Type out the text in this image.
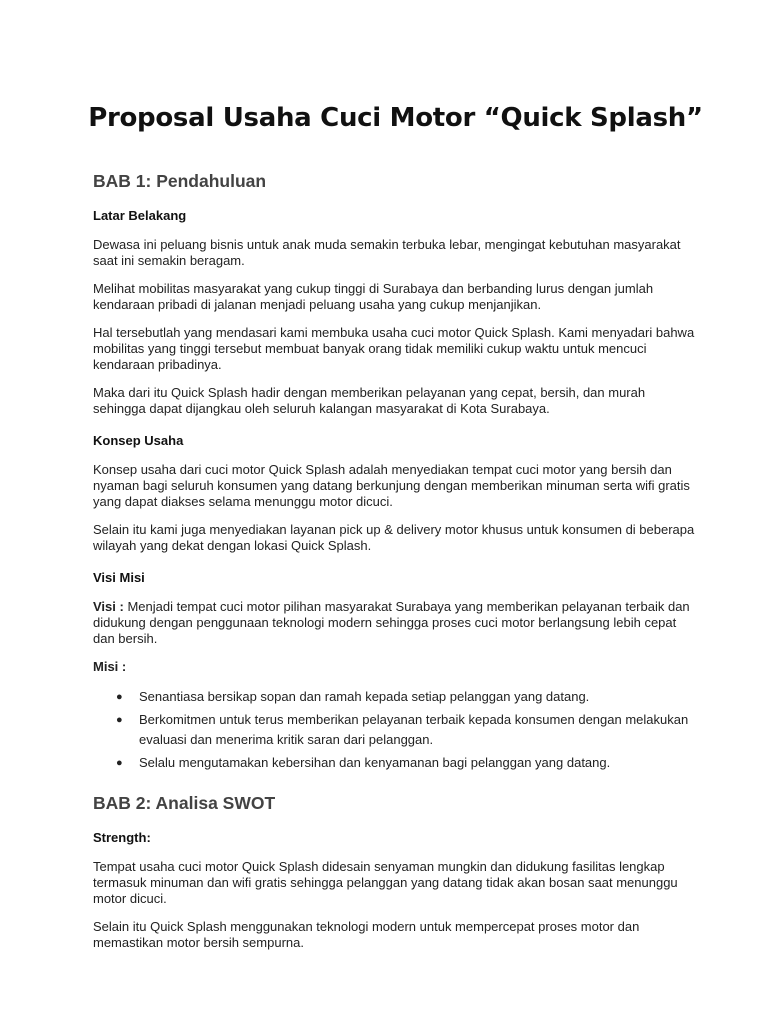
Proposal Usaha Cuci Motor “Quick Splash”
BAB 1: Pendahuluan
Latar Belakang

Dewasa ini peluang bisnis untuk anak muda semakin terbuka lebar, mengingat kebutuhan masyarakat saat ini semakin beragam.

Melihat mobilitas masyarakat yang cukup tinggi di Surabaya dan berbanding lurus dengan jumlah kendaraan pribadi di jalanan menjadi peluang usaha yang cukup menjanjikan.

Hal tersebutlah yang mendasari kami membuka usaha cuci motor Quick Splash. Kami menyadari bahwa mobilitas yang tinggi tersebut membuat banyak orang tidak memiliki cukup waktu untuk mencuci kendaraan pribadinya.

Maka dari itu Quick Splash hadir dengan memberikan pelayanan yang cepat, bersih, dan murah sehingga dapat dijangkau oleh seluruh kalangan masyarakat di Kota Surabaya.

Konsep Usaha

Konsep usaha dari cuci motor Quick Splash adalah menyediakan tempat cuci motor yang bersih dan nyaman bagi seluruh konsumen yang datang berkunjung dengan memberikan minuman serta wifi gratis yang dapat diakses selama menunggu motor dicuci.

Selain itu kami juga menyediakan layanan pick up & delivery motor khusus untuk konsumen di beberapa wilayah yang dekat dengan lokasi Quick Splash.

Visi Misi

Visi : Menjadi tempat cuci motor pilihan masyarakat Surabaya yang memberikan pelayanan terbaik dan didukung dengan penggunaan teknologi modern sehingga proses cuci motor berlangsung lebih cepat dan bersih.

Misi :

● Senantiasa bersikap sopan dan ramah kepada setiap pelanggan yang datang.
● Berkomitmen untuk terus memberikan pelayanan terbaik kepada konsumen dengan melakukan evaluasi dan menerima kritik saran dari pelanggan.
● Selalu mengutamakan kebersihan dan kenyamanan bagi pelanggan yang datang.
BAB 2: Analisa SWOT
Strength:

Tempat usaha cuci motor Quick Splash didesain senyaman mungkin dan didukung fasilitas lengkap termasuk minuman dan wifi gratis sehingga pelanggan yang datang tidak akan bosan saat menunggu motor dicuci.

Selain itu Quick Splash menggunakan teknologi modern untuk mempercepat proses motor dan memastikan motor bersih sempurna.
